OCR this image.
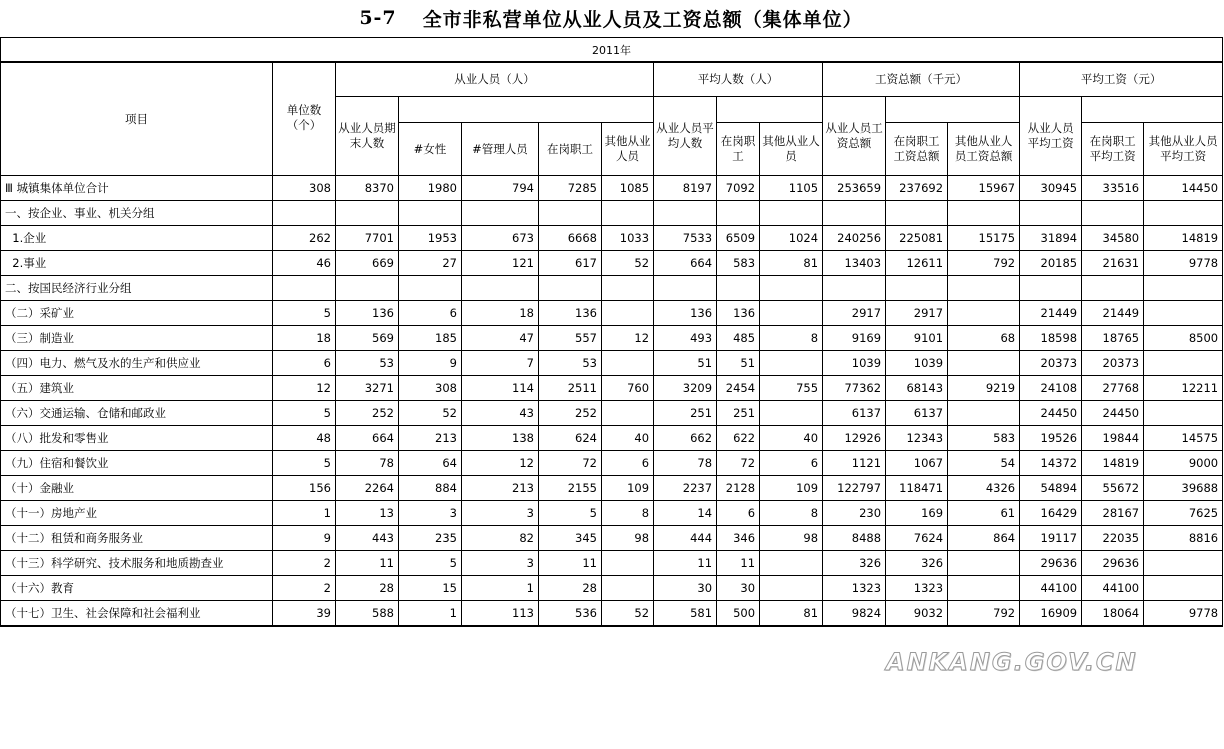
5-7 全市非私营单位从业人员及工资总额（集体单位）
2011年
项目	单位数（个）	从业人员（人）					平均人数（人）			工资总额（千元）			平均工资（元）		
		从业人员期末人数					从业人员平均人数			从业人员工资总额			从业人员平均工资		
			#女性	#管理人员	在岗职工	其他从业人员		在岗职工	其他从业人员		在岗职工工资总额	其他从业人员工资总额		在岗职工平均工资	其他从业人员平均工资
Ⅲ 城镇集体单位合计	308	8370	1980	794	7285	1085	8197	7092	1105	253659	237692	15967	30945	33516	14450
一、按企业、事业、机关分组															
1.企业	262	7701	1953	673	6668	1033	7533	6509	1024	240256	225081	15175	31894	34580	14819
2.事业	46	669	27	121	617	52	664	583	81	13403	12611	792	20185	21631	9778
二、按国民经济行业分组															
（二）采矿业	5	136	6	18	136		136	136		2917	2917		21449	21449	
（三）制造业	18	569	185	47	557	12	493	485	8	9169	9101	68	18598	18765	8500
（四）电力、燃气及水的生产和供应业	6	53	9	7	53		51	51		1039	1039		20373	20373	
（五）建筑业	12	3271	308	114	2511	760	3209	2454	755	77362	68143	9219	24108	27768	12211
（六）交通运输、仓储和邮政业	5	252	52	43	252		251	251		6137	6137		24450	24450	
（八）批发和零售业	48	664	213	138	624	40	662	622	40	12926	12343	583	19526	19844	14575
（九）住宿和餐饮业	5	78	64	12	72	6	78	72	6	1121	1067	54	14372	14819	9000
（十）金融业	156	2264	884	213	2155	109	2237	2128	109	122797	118471	4326	54894	55672	39688
（十一）房地产业	1	13	3	3	5	8	14	6	8	230	169	61	16429	28167	7625
（十二）租赁和商务服务业	9	443	235	82	345	98	444	346	98	8488	7624	864	19117	22035	8816
（十三）科学研究、技术服务和地质勘查业	2	11	5	3	11		11	11		326	326		29636	29636	
（十六）教育	2	28	15	1	28		30	30		1323	1323		44100	44100	
（十七）卫生、社会保障和社会福利业	39	588	1	113	536	52	581	500	81	9824	9032	792	16909	18064	9778
ANKANG.GOV.CN
